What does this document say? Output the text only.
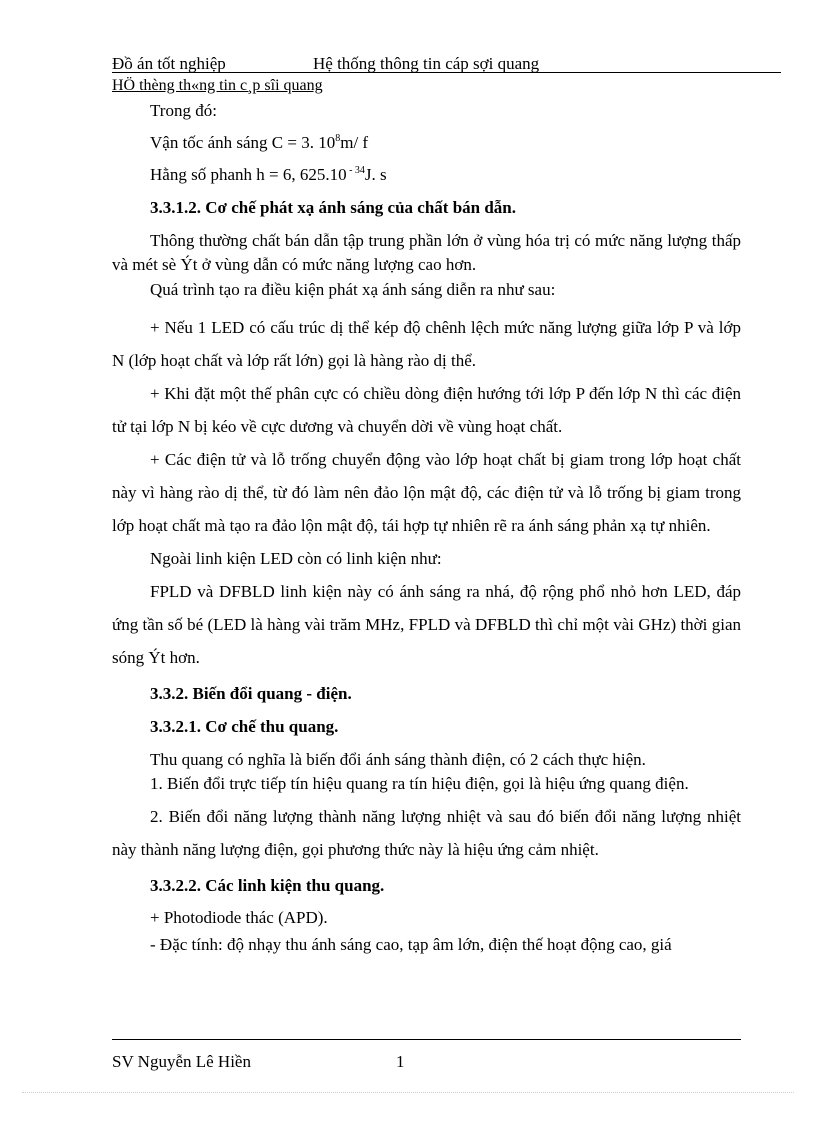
Đồ án tốt nghiệp	Hệ thống thông tin cáp sợi quang
HÖ thèng th«ng tin c¸p sîi quang

Trong đó:

Vận tốc ánh sáng C = 3. $10^8m/$ f

Hằng số phanh h = 6, 625.10 $^{- 34}$J. s

3.3.1.2. Cơ chế phát xạ ánh sáng của chất bán dẫn.

Thông thường chất bán dẫn tập trung phần lớn ở vùng hóa trị có mức năng lượng thấp và mét sè Ýt ở vùng dẫn có mức năng lượng cao hơn.

Quá trình tạo ra điều kiện phát xạ ánh sáng diễn ra như sau:

+ Nếu 1 LED có cấu trúc dị thể kép độ chênh lệch mức năng lượng giữa lớp P và lớp N (lớp hoạt chất và lớp rất lớn) gọi là hàng rào dị thể.

+ Khi đặt một thế phân cực có chiều dòng điện hướng tới lớp P đến lớp N thì các điện tử tại lớp N bị kéo về cực dương và chuyển dời về vùng hoạt chất.

+ Các điện tử và lỗ trống chuyển động vào lớp hoạt chất bị giam trong lớp hoạt chất này vì hàng rào dị thể, từ đó làm nên đảo lộn mật độ, các điện tử và lỗ trống bị giam trong lớp hoạt chất mà tạo ra đảo lộn mật độ, tái hợp tự nhiên rẽ ra ánh sáng phản xạ tự nhiên.

Ngoài linh kiện LED còn có linh kiện như:

FPLD và DFBLD linh kiện này có ánh sáng ra nhá, độ rộng phổ nhỏ hơn LED, đáp ứng tần số bé (LED là hàng vài trăm MHz, FPLD và DFBLD thì chỉ một vài GHz) thời gian sóng Ýt hơn.

3.3.2. Biến đổi quang - điện.

3.3.2.1. Cơ chế thu quang.

Thu quang có nghĩa là biến đổi ánh sáng thành điện, có 2 cách thực hiện.

1. Biến đổi trực tiếp tín hiệu quang ra tín hiệu điện, gọi là hiệu ứng quang điện.

2. Biến đổi năng lượng thành năng lượng nhiệt và sau đó biến đổi năng lượng nhiệt này thành năng lượng điện, gọi phương thức này là hiệu ứng cảm nhiệt.

3.3.2.2. Các linh kiện thu quang.

+ Photodiode thác (APD).

- Đặc tính: độ nhạy thu ánh sáng cao, tạp âm lớn, điện thế hoạt động cao, giá

SV Nguyễn Lê Hiền	1
